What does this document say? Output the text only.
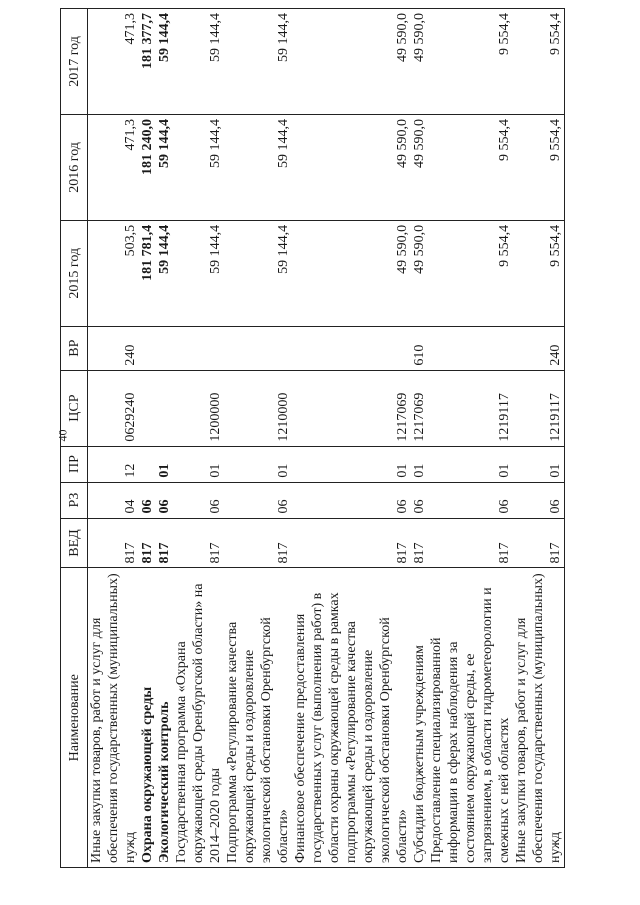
40
Наименование	ВЕД	РЗ	ПР	ЦСР	ВР	2015 год	2016 год	2017 год
Иные закупки товаров, работ и услуг для обеспечения государственных (муниципальных) нужд	817	04	12	0629240	240	503,5	471,3	471,3
Охрана окружающей среды	817	06				181 781,4	181 240,0	181 377,7
Экологический контроль	817	06	01			59 144,4	59 144,4	59 144,4
Государственная программа «Охрана окружающей среды Оренбургской области» на 2014–2020 годы	817	06	01	1200000		59 144,4	59 144,4	59 144,4
Подпрограмма «Регулирование качества окружающей среды и оздоровление экологической обстановки Оренбургской области»	817	06	01	1210000		59 144,4	59 144,4	59 144,4
Финансовое обеспечение предоставления государственных услуг (выполнения работ) в области охраны окружающей среды в рамках подпрограммы «Регулирование качества окружающей среды и оздоровление экологической обстановки Оренбургской области»	817	06	01	1217069		49 590,0	49 590,0	49 590,0
Субсидии бюджетным учреждениям	817	06	01	1217069	610	49 590,0	49 590,0	49 590,0
Предоставление специализированной информации в сферах наблюдения за состоянием окружающей среды, ее загрязнением, в области гидрометеорологии и смежных с ней областях	817	06	01	1219117		9 554,4	9 554,4	9 554,4
Иные закупки товаров, работ и услуг для обеспечения государственных (муниципальных) нужд	817	06	01	1219117	240	9 554,4	9 554,4	9 554,4
